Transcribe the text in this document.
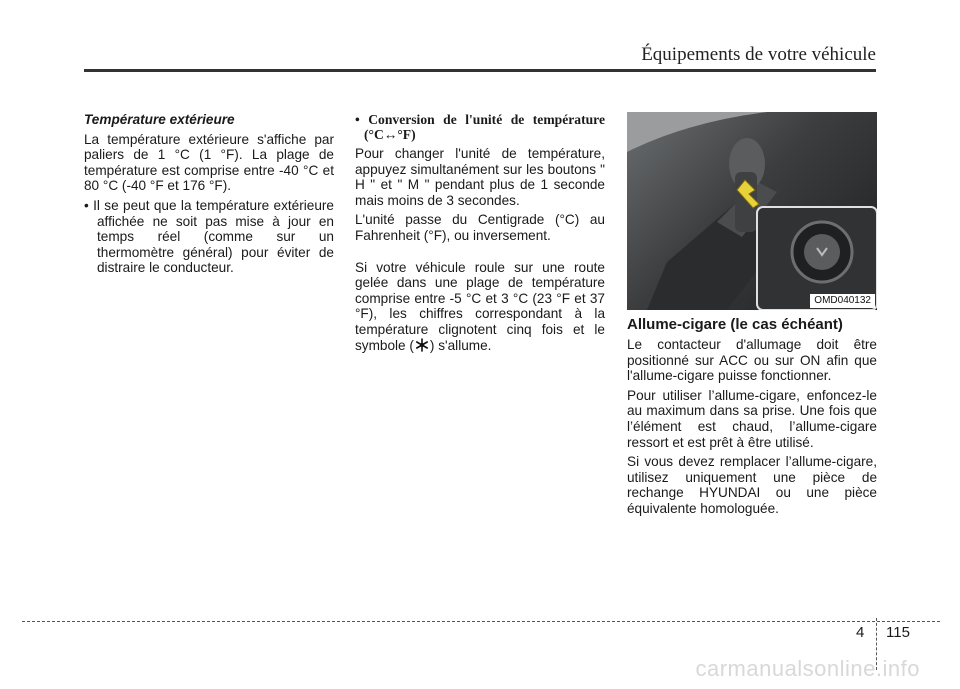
Équipements de votre véhicule

Température extérieure

La température extérieure s'affiche par paliers de 1 °C (1 °F). La plage de température est comprise entre -40 °C et 80 °C (-40 °F et 176 °F).

• Il se peut que la température extérieure affichée ne soit pas mise à jour en temps réel (comme sur un thermomètre général) pour éviter de distraire le conducteur.

• Conversion de l'unité de température (°C↔°F)

Pour changer l'unité de température, appuyez simultanément sur les boutons " H " et " M " pendant plus de 1 seconde mais moins de 3 secondes.

L'unité passe du Centigrade (°C) au Fahrenheit (°F), ou inversement.

Si votre véhicule roule sur une route gelée dans une plage de température comprise entre -5 °C et 3 °C (23 °F et 37 °F), les chiffres correspondant à la température clignotent cinq fois et le symbole ( ) s'allume.

OMD040132

Allume-cigare (le cas échéant)

Le contacteur d'allumage doit être positionné sur ACC ou sur ON afin que l'allume-cigare puisse fonctionner.

Pour utiliser l’allume-cigare, enfoncez-le au maximum dans sa prise. Une fois que l’élément est chaud, l’allume-cigare ressort et est prêt à être utilisé.

Si vous devez remplacer l’allume-cigare, utilisez uniquement une pièce de rechange HYUNDAI ou une pièce équivalente homologuée.

4 115
carmanualsonline.info
